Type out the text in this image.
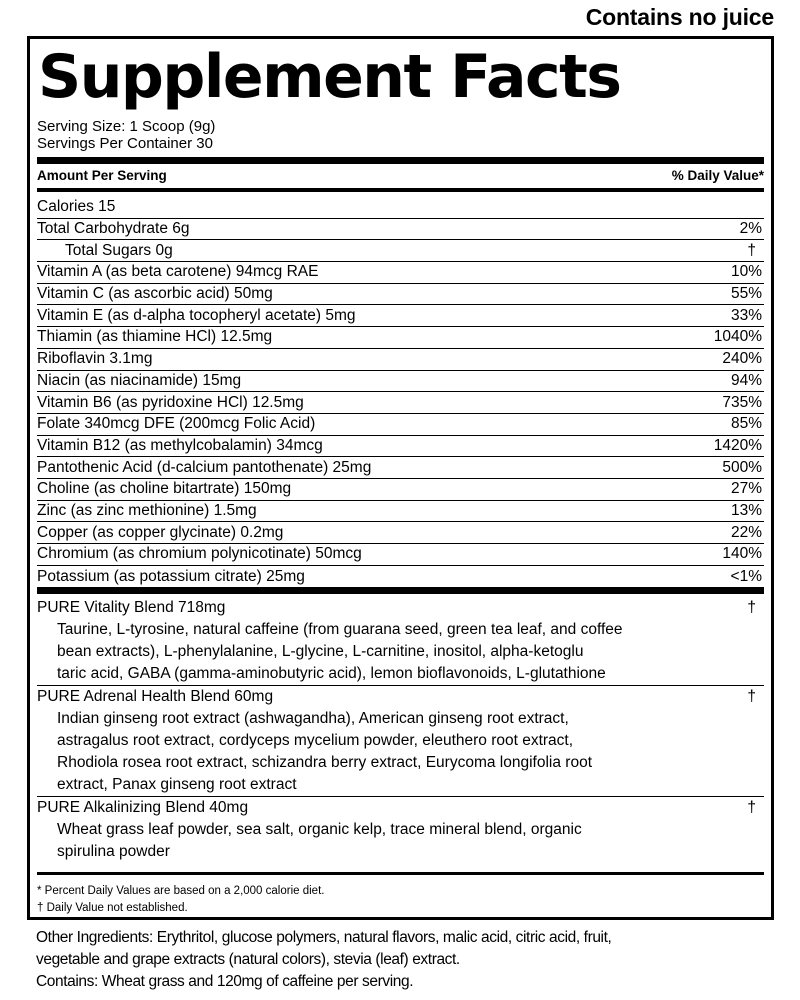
Contains no juice
Supplement Facts
Serving Size: 1 Scoop (9g)
Servings Per Container 30
Amount Per Serving	% Daily Value*
Calories 15
Total Carbohydrate 6g	2%
Total Sugars 0g	†
Vitamin A (as beta carotene) 94mcg RAE	10%
Vitamin C (as ascorbic acid) 50mg	55%
Vitamin E (as d-alpha tocopheryl acetate) 5mg	33%
Thiamin (as thiamine HCl) 12.5mg	1040%
Riboflavin 3.1mg	240%
Niacin (as niacinamide) 15mg	94%
Vitamin B6 (as pyridoxine HCl) 12.5mg	735%
Folate 340mcg DFE (200mcg Folic Acid)	85%
Vitamin B12 (as methylcobalamin) 34mcg	1420%
Pantothenic Acid (d-calcium pantothenate) 25mg	500%
Choline (as choline bitartrate) 150mg	27%
Zinc (as zinc methionine) 1.5mg	13%
Copper (as copper glycinate) 0.2mg	22%
Chromium (as chromium polynicotinate) 50mcg	140%
Potassium (as potassium citrate) 25mg	<1%
PURE Vitality Blend 718mg	†
Taurine, L-tyrosine, natural caffeine (from guarana seed, green tea leaf, and coffee
bean extracts), L-phenylalanine, L-glycine, L-carnitine, inositol, alpha-ketoglu
taric acid, GABA (gamma-aminobutyric acid), lemon bioflavonoids, L-glutathione
PURE Adrenal Health Blend 60mg	†
Indian ginseng root extract (ashwagandha), American ginseng root extract,
astragalus root extract, cordyceps mycelium powder, eleuthero root extract,
Rhodiola rosea root extract, schizandra berry extract, Eurycoma longifolia root
extract, Panax ginseng root extract
PURE Alkalinizing Blend 40mg	†
Wheat grass leaf powder, sea salt, organic kelp, trace mineral blend, organic
spirulina powder
* Percent Daily Values are based on a 2,000 calorie diet.
† Daily Value not established.
Other Ingredients: Erythritol, glucose polymers, natural flavors, malic acid, citric acid, fruit,
vegetable and grape extracts (natural colors), stevia (leaf) extract.
Contains: Wheat grass and 120mg of caffeine per serving.
